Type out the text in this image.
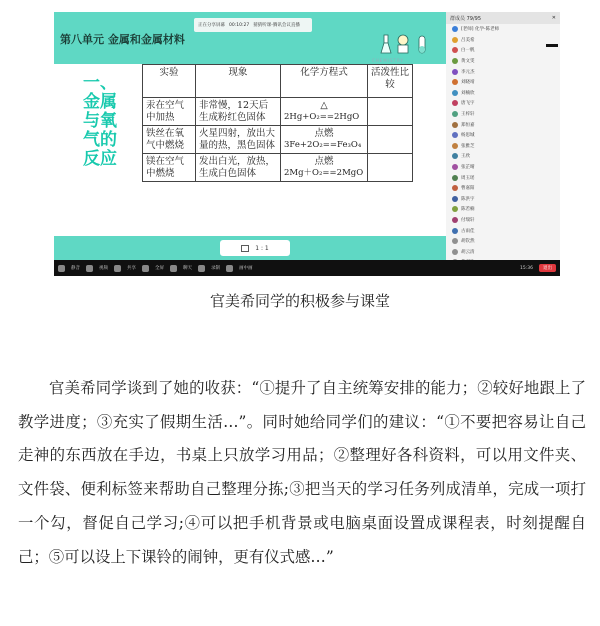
正在分享屏幕 00:10:27 猜猜听课-腾讯会议直播
第八单元 金属和金属材料
CHEMISTRY
一、金属与氧气的反应
实验	现象	化学方程式	活泼性比较
汞在空气中加热	非常慢，12天后生成粉红色固体	△
2Hg+O₂==2HgO	

铁丝在氧气中燃烧	火星四射，放出大量的热，黑色固体	点燃
3Fe+2O₂==Fe₃O₄	

镁在空气中燃烧	发出白光，放热，生成白色固体	点燃
2Mg＋O₂==2MgO	

1 : 1
群成员 79/95	✕
[老师] 化学-陈老师
吕美希
白一帆
黄文雯
李元杰
刘晓靖
刘楠欣
唐飞宇
王梓轩
郑恒嘉
杨思城
张雅芝
王欣
张芷晴
周玉瑶
曹嘉阳
陈洪宇
陈若楠
付瑞轩
古雨佳
胡钦然
胡云清
静音	视频	共享	全屏	聊天	录制	画中画	15:36	退出
官美希同学的积极参与课堂
官美希同学谈到了她的收获：“①提升了自主统筹安排的能力；②较好地跟上了教学进度；③充实了假期生活…”。同时她给同学们的建议：“①不要把容易让自己走神的东西放在手边，书桌上只放学习用品；②整理好各科资料，可以用文件夹、文件袋、便利标签来帮助自己整理分拣;③把当天的学习任务列成清单，完成一项打一个勾，督促自己学习;④可以把手机背景或电脑桌面设置成课程表，时刻提醒自己；⑤可以设上下课铃的闹钟，更有仪式感…”
